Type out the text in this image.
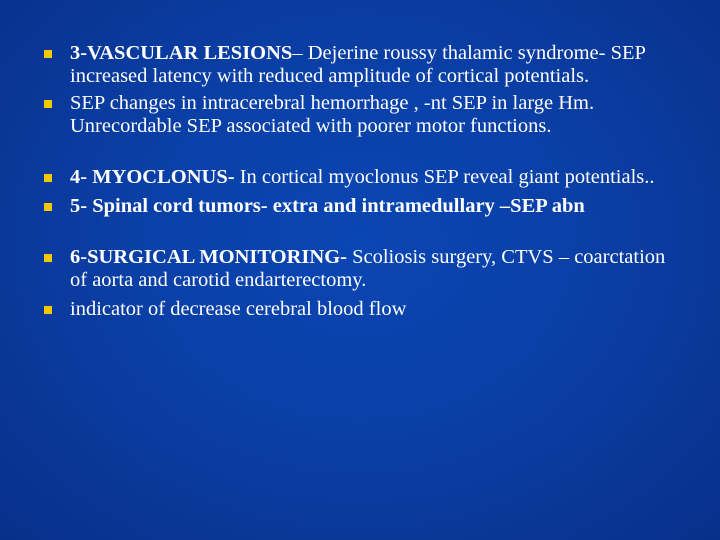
3-VASCULAR LESIONS– Dejerine roussy thalamic syndrome- SEP increased latency with reduced amplitude of cortical potentials.
SEP changes in intracerebral hemorrhage , -nt SEP in large Hm. Unrecordable SEP associated with poorer motor functions.
4- MYOCLONUS- In cortical myoclonus SEP reveal giant potentials..
5- Spinal cord tumors- extra and intramedullary –SEP abn
6-SURGICAL MONITORING- Scoliosis surgery, CTVS – coarctation of aorta and carotid endarterectomy.
indicator of decrease cerebral blood flow
